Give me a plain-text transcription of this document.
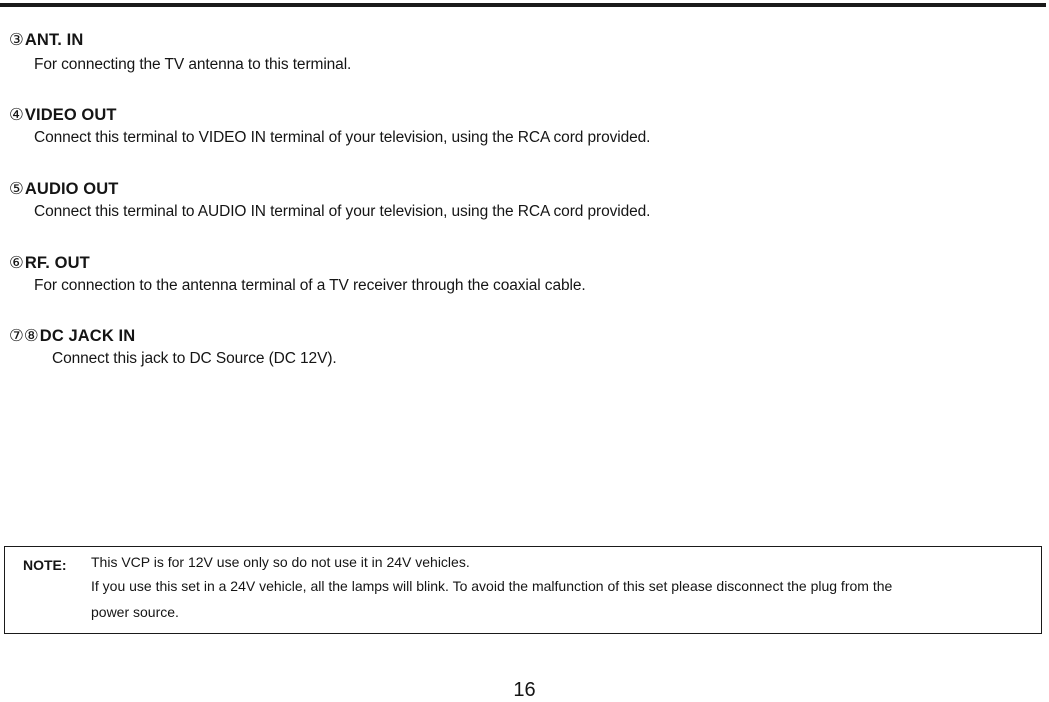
③ANT. IN
For connecting the TV antenna to this terminal.
④VIDEO OUT
Connect this terminal to VIDEO IN terminal of your television, using the RCA cord provided.
⑤AUDIO OUT
Connect this terminal to AUDIO IN terminal of your television, using the RCA cord provided.
⑥RF. OUT
For connection to the antenna terminal of a TV receiver through the coaxial cable.
⑦⑧DC JACK IN
Connect this jack to DC Source (DC 12V).
NOTE: This VCP is for 12V use only so do not use it in 24V vehicles.
If you use this set in a 24V vehicle, all the lamps will blink. To avoid the malfunction of this set please disconnect the plug from the
power source.
16
